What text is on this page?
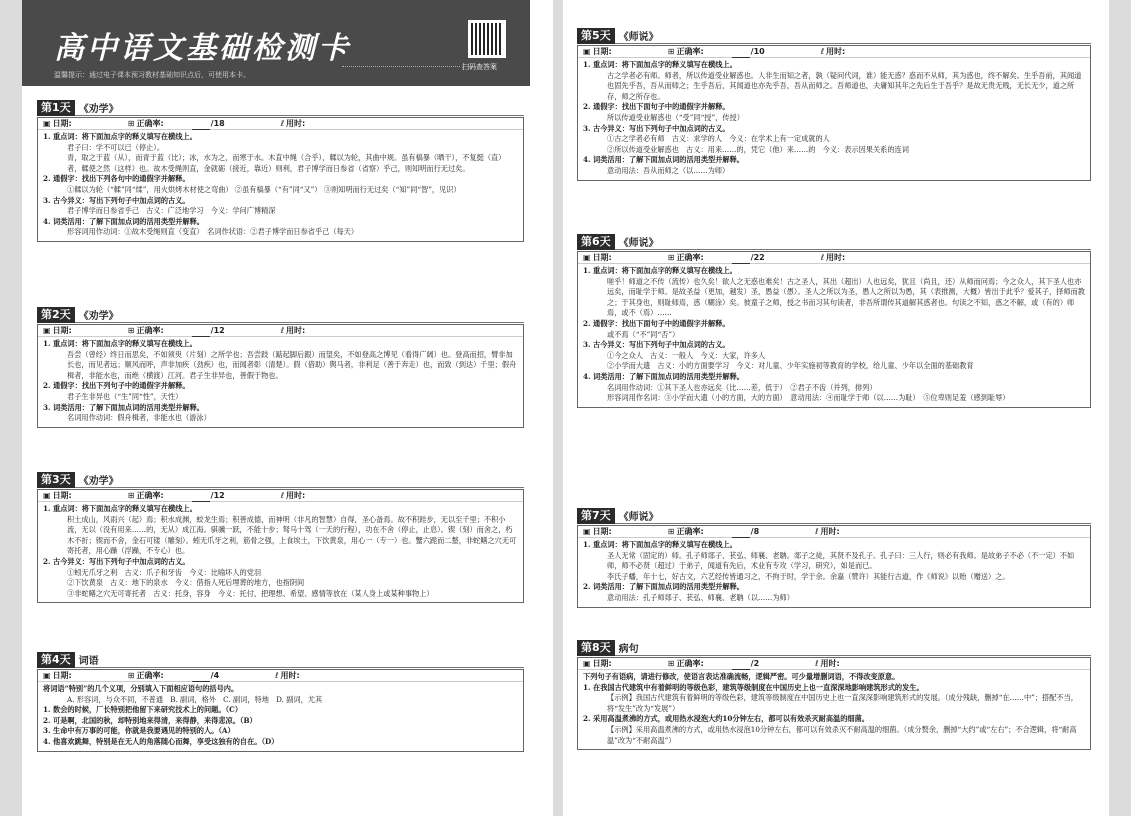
高中语文基础检测卡
温馨提示：通过电子课本预习教材基础知识点后，可使用本卡。
扫码查答案
第1天 《劝学》
▣ 日期:	⊞ 正确率:	/18	ℓ 用时:
1. 重点词：将下面加点字的释义填写在横线上。
君子曰：学不可以已（停止）。
青，取之于蓝（从），而青于蓝（比）；冰，水为之，而寒于水。木直中绳（合乎），輮以为轮，其曲中规。虽有槁暴（晒干），不复挺（直）者，輮使之然（这样）也。故木受绳则直，金就砺（接近，靠近）则利，君子博学而日参省（省察）乎己，则知明而行无过矣。
2. 通假字：找出下列各句中的通假字并解释。
①輮以为轮（“輮”同“煣”，用火烘烤木材使之弯曲） ②虽有槁暴（“有”同“又”） ③则知明而行无过矣（“知”同“智”，见识）
3. 古今异义：写出下列句子中加点词的古义。
君子博学而日参省乎己　古义：广泛地学习　今义：学问广博精深
4. 词类活用：了解下面加点词的活用类型并解释。
形容词用作动词：①故木受绳则直（变直）　名词作状语：②君子博学而日参省乎己（每天）
第2天 《劝学》
▣ 日期:	⊞ 正确率:	/12	ℓ 用时:
1. 重点词：将下面加点字的释义填写在横线上。
吾尝（曾经）终日而思矣，不如须臾（片刻）之所学也；吾尝跂（踮起脚后跟）而望矣，不如登高之博见（看得广阔）也。登高而招，臂非加长也，而见者远；顺风而呼，声非加疾（劲疾）也，而闻者彰（清楚）。假（借助）舆马者，非利足（善于奔走）也，而致（到达）千里；假舟楫者，非能水也，而绝（横渡）江河。君子生非异也，善假于物也。
2. 通假字：找出下列句子中的通假字并解释。
君子生非异也（“生”同“性”，天性）
3. 词类活用：了解下面加点词的活用类型并解释。
名词用作动词：假舟楫者，非能水也（游泳）
第3天 《劝学》
▣ 日期:	⊞ 正确率:	/12	ℓ 用时:
1. 重点词：将下面加点字的释义填写在横线上。
积土成山，风雨兴（起）焉；积水成渊，蛟龙生焉；积善成德，而神明（非凡的智慧）自得，圣心备焉。故不积跬步，无以至千里；不积小流，无以（没有用来……的，无从）成江海。骐骥一跃，不能十步；驽马十驾（一天的行程），功在不舍（停止，止息）。锲（刻）而舍之，朽木不折；锲而不舍，金石可镂（雕刻）。蚓无爪牙之利，筋骨之强，上食埃土，下饮黄泉，用心一（专一）也。蟹六跪而二螯，非蛇鳝之穴无可寄托者，用心躁（浮躁，不专心）也。
2. 古今异义：写出下列句子中加点词的古义。
①蚓无爪牙之利　古义：爪子和牙齿　今义：比喻坏人的党羽
②下饮黄泉　古义：地下的泉水　今义：借指人死后埋葬的地方，也指阴间
③非蛇鳝之穴无可寄托者　古义：托身，容身　今义：托付，把理想、希望、感情等放在（某人身上或某种事物上）
第4天 词语
▣ 日期:	⊞ 正确率:	/4	ℓ 用时:
将词语“特别”的几个义项，分别填入下面相应语句的括号内。
A. 形容词，与众不同，不普通　B. 副词，格外　C. 副词，特地　D. 副词，尤其
1. 数会的时候，厂长特别把他留下来研究技术上的问题。（C）
2. 可是啊，北国的秋，却特别地来得清，来得静，来得悲凉。（B）
3. 生命中有万事的可能，你就是我要遇见的特别的人。（A）
4. 他喜欢跳舞，特别是在无人的角落随心而舞，享受这独有的自在。（D）
第5天 《师说》
▣ 日期:	⊞ 正确率:	/10	ℓ 用时:
1. 重点词：将下面加点字的释义填写在横线上。
古之学者必有师。师者，所以传道受业解惑也。人非生而知之者，孰（疑问代词，谁）能无惑？惑而不从师，其为惑也，终不解矣。生乎吾前，其闻道也固先乎吾，吾从而师之；生乎吾后，其闻道也亦先乎吾，吾从而师之。吾师道也，夫庸知其年之先后生于吾乎？是故无贵无贱，无长无少，道之所存，师之所存也。
2. 通假字：找出下面句子中的通假字并解释。
所以传道受业解惑也（“受”同“授”，传授）
3. 古今异义：写出下列句子中加点词的古义。
①古之学者必有师　古义：求学的人　今义：在学术上有一定成就的人
②所以传道受业解惑也　古义：用来……的，凭它（他）来……的　今义：表示因果关系的连词
4. 词类活用：了解下面加点词的活用类型并解释。
意动用法：吾从而师之（以……为师）
第6天 《师说》
▣ 日期:	⊞ 正确率:	/22	ℓ 用时:
1. 重点词：将下面加点字的释义填写在横线上。
嗟乎！师道之不传（流传）也久矣！欲人之无惑也难矣！古之圣人，其出（超出）人也远矣，犹且（尚且，还）从师而问焉；今之众人，其下圣人也亦远矣，而耻学于师。是故圣益（更加，越发）圣，愚益（愚）。圣人之所以为圣，愚人之所以为愚，其（表推测，大概）皆出于此乎？爱其子，择师而教之；于其身也，则耻师焉，惑（糊涂）矣。彼童子之师，授之书而习其句读者，非吾所谓传其道解其惑者也。句读之不知，惑之不解，或（有的）师焉，或不（焉）……
2. 通假字：找出下面句子中的通假字并解释。
或不焉（“不”同“否”）
3. 古今异义：写出下列句子中加点词的古义。
①今之众人　古义：一般人　今义：大家，许多人
②小学而大遗　古义：小的方面要学习　今义：对儿童、少年实施初等教育的学校，给儿童、少年以全面的基础教育
4. 词类活用：了解下面加点词的活用类型并解释。
名词用作动词：①其下圣人也亦远矣（比……差，低于）　②君子不齿（并列，排列）
形容词用作名词：③小学而大遗（小的方面，大的方面）　意动用法：④而耻学于师（以……为耻）　⑤位卑则足羞（感到耻辱）
第7天 《师说》
▣ 日期:	⊞ 正确率:	/8	ℓ 用时:
1. 重点词：将下面加点字的释义填写在横线上。
圣人无常（固定的）师。孔子师郯子、苌弘、师襄、老聃。郯子之徒，其贤不及孔子。孔子曰：三人行，则必有我师。是故弟子不必（不一定）不如师，师不必贤（超过）于弟子，闻道有先后，术业有专攻（学习，研究），如是而已。
李氏子蟠，年十七，好古文，六艺经传皆通习之，不拘于时，学于余。余嘉（赞许）其能行古道，作《师说》以贻（赠送）之。
2. 词类活用：了解下面加点词的活用类型并解释。
意动用法：孔子师郯子、苌弘、师襄、老聃（以……为师）
第8天 病句
▣ 日期:	⊞ 正确率:	/2	ℓ 用时:
下列句子有语病，请进行修改，使语言表达准确流畅，逻辑严密。可少量增删词语，不得改变原意。
1. 在我国古代建筑中有着鲜明的等级色彩，建筑等级制度在中国历史上也一直深深地影响建筑形式的发生。
【示例】我国古代建筑有着鲜明的等级色彩，建筑等级制度在中国历史上也一直深深影响建筑形式的发展。（成分残缺，删掉“在……中”；搭配不当，将“发生”改为“发展”）
2. 采用高温煮沸的方式，或用热水浸泡大约10分钟左右，都可以有效杀灭耐高温的细菌。
【示例】采用高温煮沸的方式，或用热水浸泡10分钟左右，都可以有效杀灭不耐高温的细菌。（成分赘余，删掉“大约”或“左右”；不合逻辑，将“耐高温”改为“不耐高温”）
